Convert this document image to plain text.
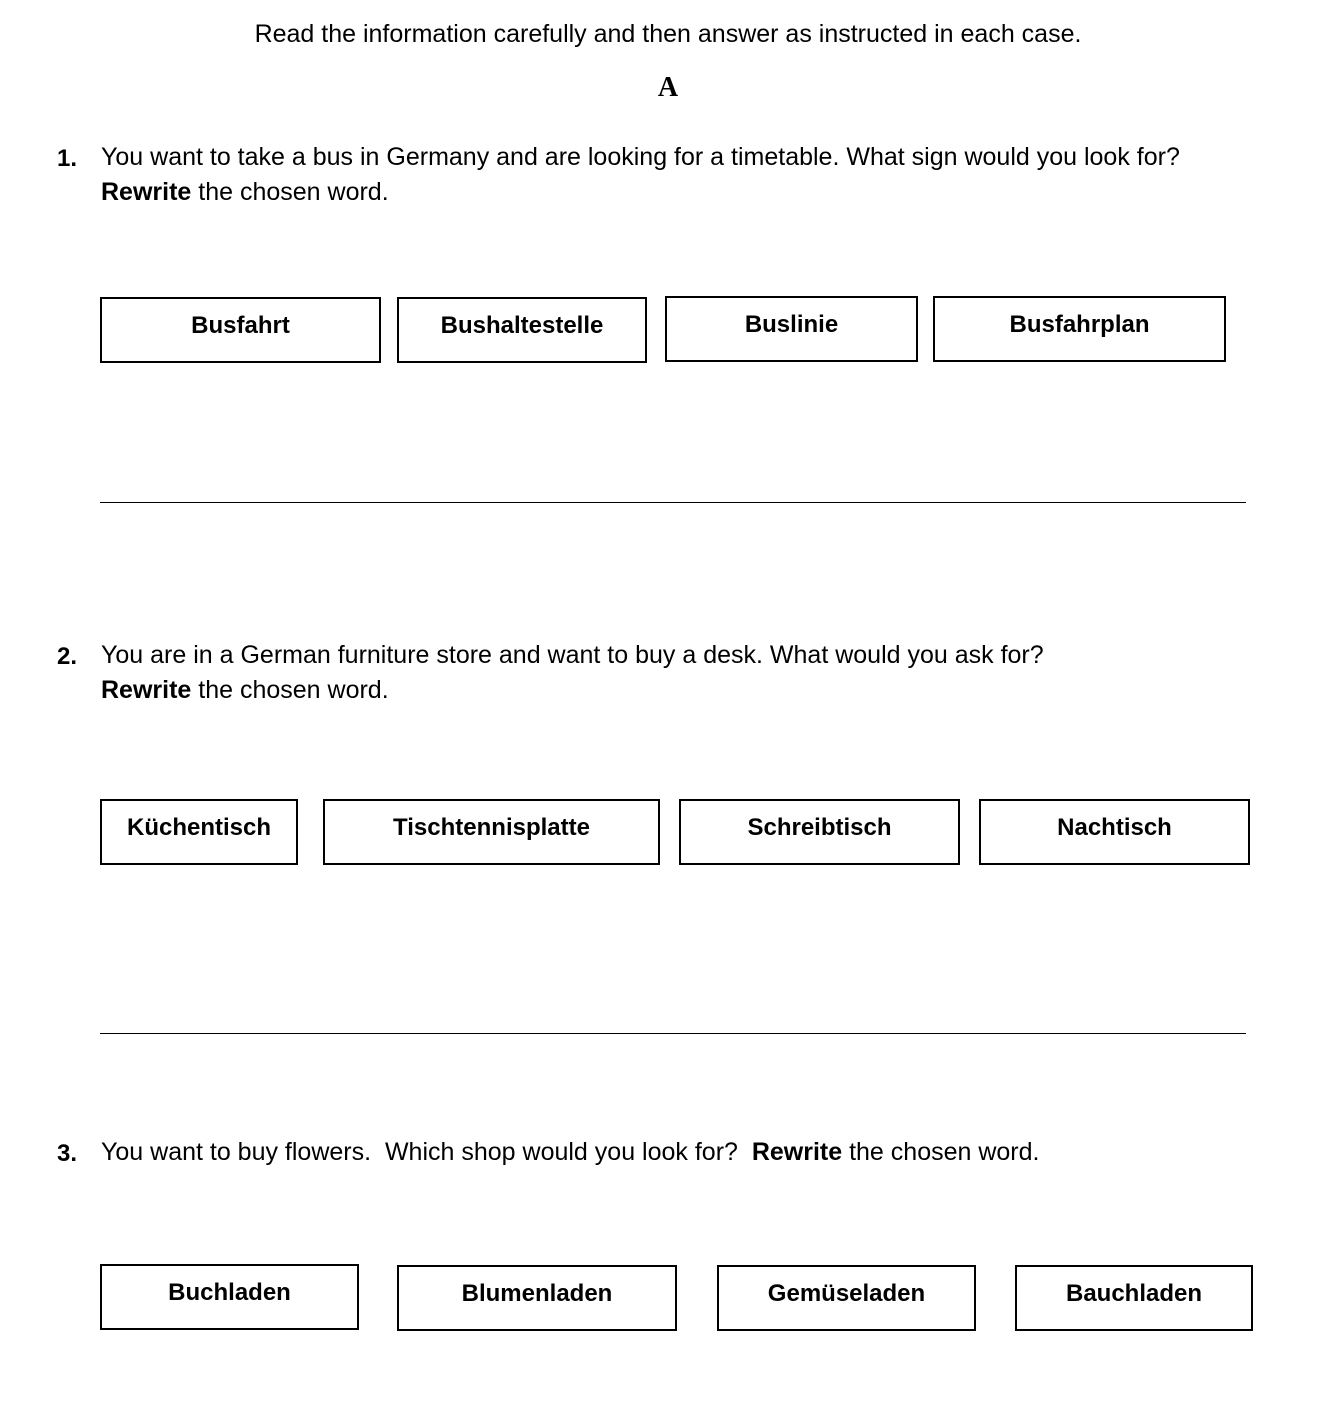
Read the information carefully and then answer as instructed in each case.
A
1. You want to take a bus in Germany and are looking for a timetable. What sign would you look for?
Rewrite the chosen word.
Busfahrt	Bushaltestelle	Buslinie	Busfahrplan
2. You are in a German furniture store and want to buy a desk. What would you ask for?
Rewrite the chosen word.
Küchentisch	Tischtennisplatte	Schreibtisch	Nachtisch
3. You want to buy flowers.  Which shop would you look for?  Rewrite the chosen word.
Buchladen	Blumenladen	Gemüseladen	Bauchladen
